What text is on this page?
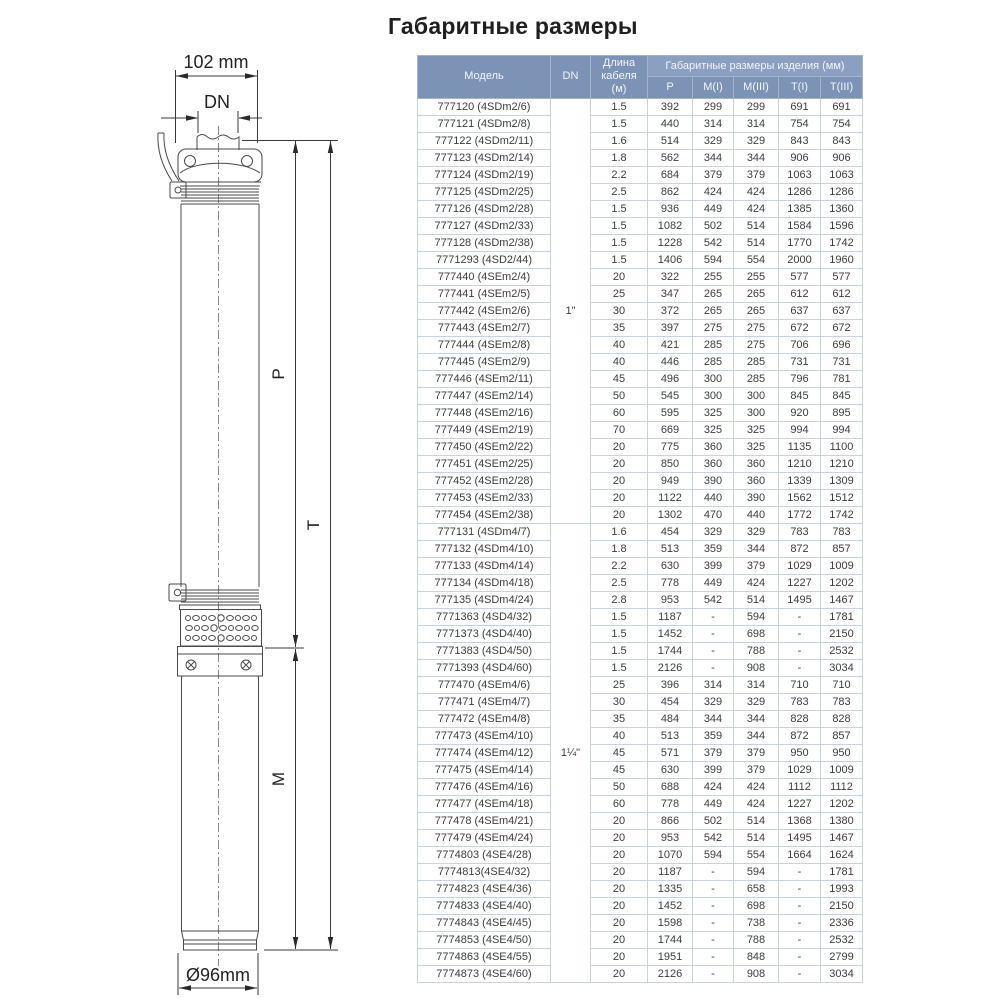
Габаритные размеры
102 mm
DN
P
M
T
Ø96mm
Модель	DN	Длина кабеля (м)	Габаритные размеры изделия (мм)				
			P	M(I)	M(III)	T(I)	T(III)
777120 (4SDm2/6)	1"	1.5	392	299	299	691	691
777121 (4SDm2/8)		1.5	440	314	314	754	754
777122 (4SDm2/11)		1.6	514	329	329	843	843
777123 (4SDm2/14)		1.8	562	344	344	906	906
777124 (4SDm2/19)		2.2	684	379	379	1063	1063
777125 (4SDm2/25)		2.5	862	424	424	1286	1286
777126 (4SDm2/28)		1.5	936	449	424	1385	1360
777127 (4SDm2/33)		1.5	1082	502	514	1584	1596
777128 (4SDm2/38)		1.5	1228	542	514	1770	1742
7771293 (4SD2/44)		1.5	1406	594	554	2000	1960
777440 (4SEm2/4)		20	322	255	255	577	577
777441 (4SEm2/5)		25	347	265	265	612	612
777442 (4SEm2/6)		30	372	265	265	637	637
777443 (4SEm2/7)		35	397	275	275	672	672
777444 (4SEm2/8)		40	421	285	275	706	696
777445 (4SEm2/9)		40	446	285	285	731	731
777446 (4SEm2/11)		45	496	300	285	796	781
777447 (4SEm2/14)		50	545	300	300	845	845
777448 (4SEm2/16)		60	595	325	300	920	895
777449 (4SEm2/19)		70	669	325	325	994	994
777450 (4SEm2/22)		20	775	360	325	1135	1100
777451 (4SEm2/25)		20	850	360	360	1210	1210
777452 (4SEm2/28)		20	949	390	360	1339	1309
777453 (4SEm2/33)		20	1122	440	390	1562	1512
777454 (4SEm2/38)		20	1302	470	440	1772	1742
777131 (4SDm4/7)	1¼"	1.6	454	329	329	783	783
777132 (4SDm4/10)		1.8	513	359	344	872	857
777133 (4SDm4/14)		2.2	630	399	379	1029	1009
777134 (4SDm4/18)		2.5	778	449	424	1227	1202
777135 (4SDm4/24)		2.8	953	542	514	1495	1467
7771363 (4SD4/32)		1.5	1187	-	594	-	1781
7771373 (4SD4/40)		1.5	1452	-	698	-	2150
7771383 (4SD4/50)		1.5	1744	-	788	-	2532
7771393 (4SD4/60)		1.5	2126	-	908	-	3034
777470 (4SEm4/6)		25	396	314	314	710	710
777471 (4SEm4/7)		30	454	329	329	783	783
777472 (4SEm4/8)		35	484	344	344	828	828
777473 (4SEm4/10)		40	513	359	344	872	857
777474 (4SEm4/12)		45	571	379	379	950	950
777475 (4SEm4/14)		45	630	399	379	1029	1009
777476 (4SEm4/16)		50	688	424	424	1112	1112
777477 (4SEm4/18)		60	778	449	424	1227	1202
777478 (4SEm4/21)		20	866	502	514	1368	1380
777479 (4SEm4/24)		20	953	542	514	1495	1467
7774803 (4SE4/28)		20	1070	594	554	1664	1624
7774813(4SE4/32)		20	1187	-	594	-	1781
7774823 (4SE4/36)		20	1335	-	658	-	1993
7774833 (4SE4/40)		20	1452	-	698	-	2150
7774843 (4SE4/45)		20	1598	-	738	-	2336
7774853 (4SE4/50)		20	1744	-	788	-	2532
7774863 (4SE4/55)		20	1951	-	848	-	2799
7774873 (4SE4/60)		20	2126	-	908	-	3034
